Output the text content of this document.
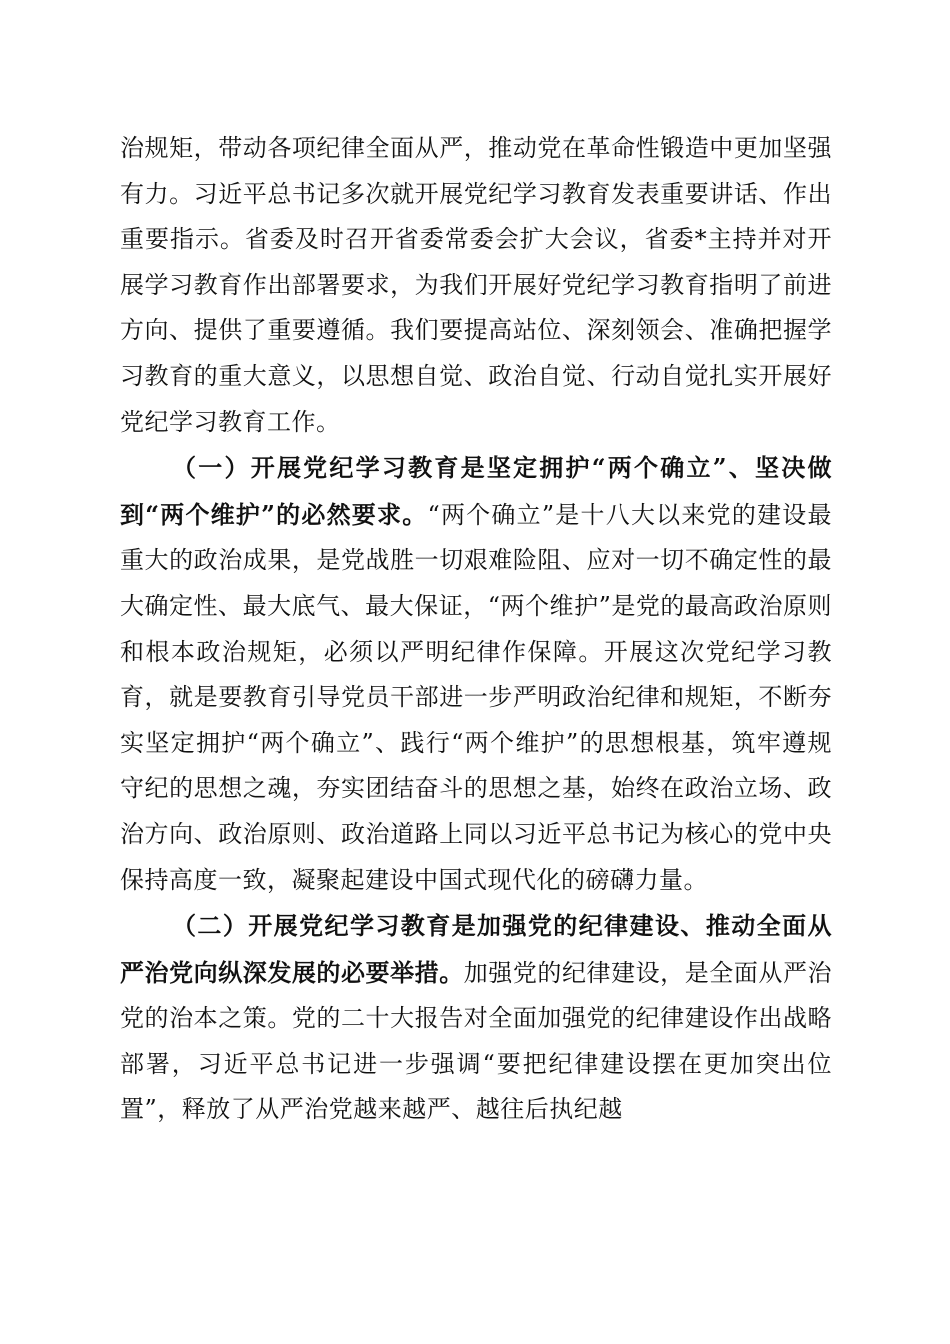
治规矩，带动各项纪律全面从严，推动党在革命性锻造中更加坚强有力。习近平总书记多次就开展党纪学习教育发表重要讲话、作出重要指示。省委及时召开省委常委会扩大会议，省委*主持并对开展学习教育作出部署要求，为我们开展好党纪学习教育指明了前进方向、提供了重要遵循。我们要提高站位、深刻领会、准确把握学习教育的重大意义，以思想自觉、政治自觉、行动自觉扎实开展好党纪学习教育工作。

（一）开展党纪学习教育是坚定拥护“两个确立”、坚决做到“两个维护”的必然要求。“两个确立”是十八大以来党的建设最重大的政治成果，是党战胜一切艰难险阻、应对一切不确定性的最大确定性、最大底气、最大保证，“两个维护”是党的最高政治原则和根本政治规矩，必须以严明纪律作保障。开展这次党纪学习教育，就是要教育引导党员干部进一步严明政治纪律和规矩，不断夯实坚定拥护“两个确立”、践行“两个维护”的思想根基，筑牢遵规守纪的思想之魂，夯实团结奋斗的思想之基，始终在政治立场、政治方向、政治原则、政治道路上同以习近平总书记为核心的党中央保持高度一致，凝聚起建设中国式现代化的磅礴力量。

（二）开展党纪学习教育是加强党的纪律建设、推动全面从严治党向纵深发展的必要举措。加强党的纪律建设，是全面从严治党的治本之策。党的二十大报告对全面加强党的纪律建设作出战略部署，习近平总书记进一步强调“要把纪律建设摆在更加突出位置”，释放了从严治党越来越严、越往后执纪越
